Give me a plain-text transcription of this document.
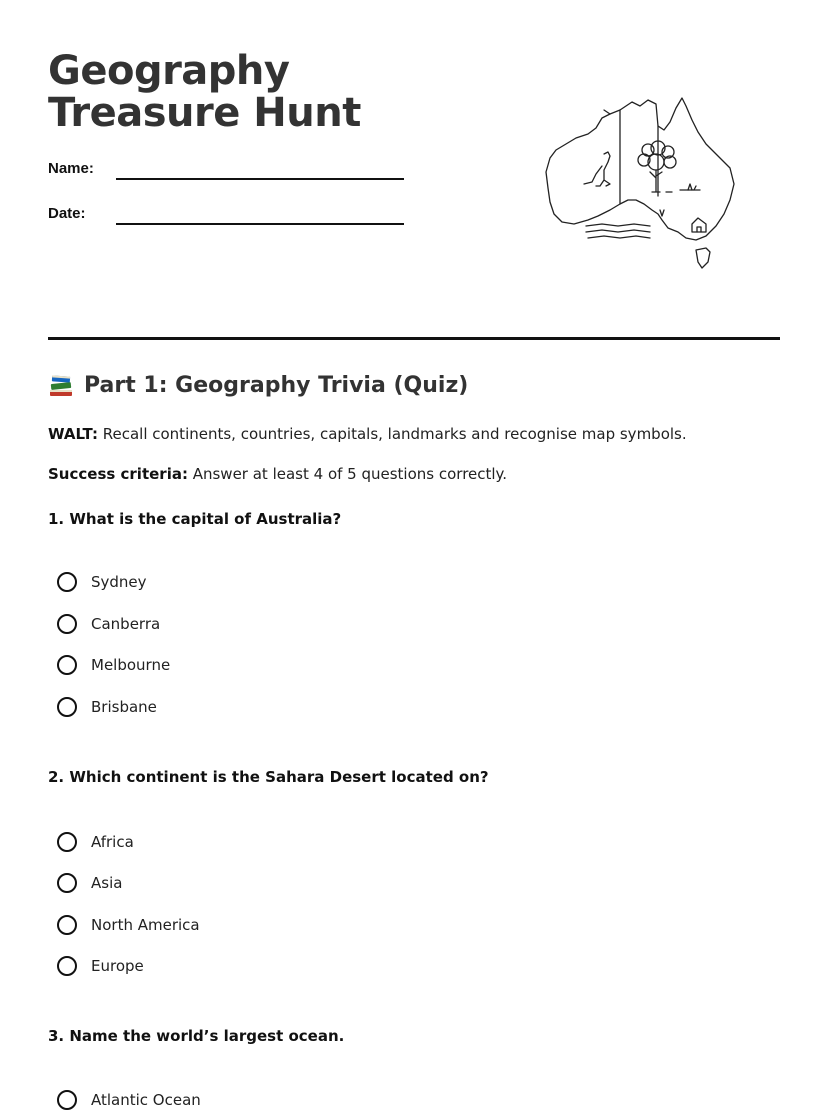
Geography Treasure Hunt
Name:
Date:
Part 1: Geography Trivia (Quiz)

WALT: Recall continents, countries, capitals, landmarks and recognise map symbols.

Success criteria: Answer at least 4 of 5 questions correctly.

1. What is the capital of Australia?

Sydney
Canberra
Melbourne
Brisbane

2. Which continent is the Sahara Desert located on?

Africa
Asia
North America
Europe

3. Name the world’s largest ocean.

Atlantic Ocean
